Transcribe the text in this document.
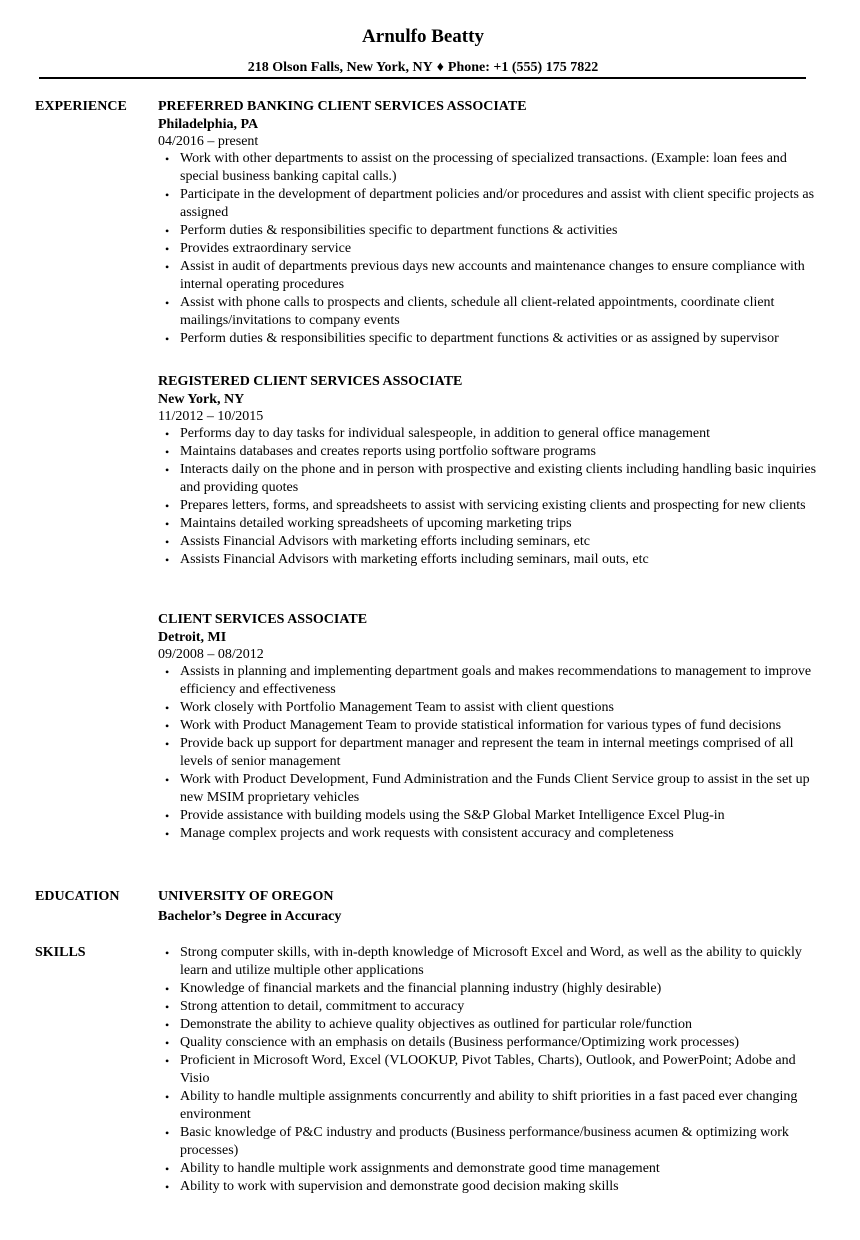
Arnulfo Beatty
218 Olson Falls, New York, NY ♦ Phone: +1 (555) 175 7822
EXPERIENCE PREFERRED BANKING CLIENT SERVICES ASSOCIATE
Philadelphia, PA
04/2016 – present
• Work with other departments to assist on the processing of specialized transactions. (Example: loan fees and special business banking capital calls.)
• Participate in the development of department policies and/or procedures and assist with client specific projects as assigned
• Perform duties & responsibilities specific to department functions & activities
• Provides extraordinary service
• Assist in audit of departments previous days new accounts and maintenance changes to ensure compliance with internal operating procedures
• Assist with phone calls to prospects and clients, schedule all client-related appointments, coordinate client mailings/invitations to company events
• Perform duties & responsibilities specific to department functions & activities or as assigned by supervisor
REGISTERED CLIENT SERVICES ASSOCIATE
New York, NY
11/2012 – 10/2015
• Performs day to day tasks for individual salespeople, in addition to general office management
• Maintains databases and creates reports using portfolio software programs
• Interacts daily on the phone and in person with prospective and existing clients including handling basic inquiries and providing quotes
• Prepares letters, forms, and spreadsheets to assist with servicing existing clients and prospecting for new clients
• Maintains detailed working spreadsheets of upcoming marketing trips
• Assists Financial Advisors with marketing efforts including seminars, etc
• Assists Financial Advisors with marketing efforts including seminars, mail outs, etc
CLIENT SERVICES ASSOCIATE
Detroit, MI
09/2008 – 08/2012
• Assists in planning and implementing department goals and makes recommendations to management to improve efficiency and effectiveness
• Work closely with Portfolio Management Team to assist with client questions
• Work with Product Management Team to provide statistical information for various types of fund decisions
• Provide back up support for department manager and represent the team in internal meetings comprised of all levels of senior management
• Work with Product Development, Fund Administration and the Funds Client Service group to assist in the set up new MSIM proprietary vehicles
• Provide assistance with building models using the S&P Global Market Intelligence Excel Plug-in
• Manage complex projects and work requests with consistent accuracy and completeness
EDUCATION	UNIVERSITY OF OREGON
Bachelor’s Degree in Accuracy
SKILLS
•	Strong computer skills, with in-depth knowledge of Microsoft Excel and Word, as well as the ability to quickly learn and utilize multiple other applications
• Knowledge of financial markets and the financial planning industry (highly desirable)
• Strong attention to detail, commitment to accuracy
• Demonstrate the ability to achieve quality objectives as outlined for particular role/function
• Quality conscience with an emphasis on details (Business performance/Optimizing work processes)
• Proficient in Microsoft Word, Excel (VLOOKUP, Pivot Tables, Charts), Outlook, and PowerPoint; Adobe and Visio
• Ability to handle multiple assignments concurrently and ability to shift priorities in a fast paced ever changing environment
• Basic knowledge of P&C industry and products (Business performance/business acumen & optimizing work processes)
• Ability to handle multiple work assignments and demonstrate good time management
• Ability to work with supervision and demonstrate good decision making skills
